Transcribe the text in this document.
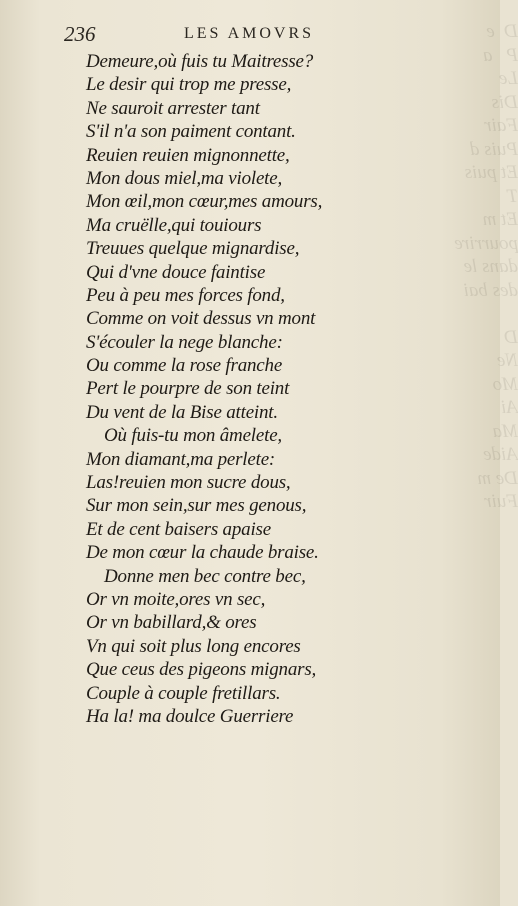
D  e
P   a
Le
Dis
Fair
Puis d
Et puis
T
Et m
pourrire
dans le
des bai

D
Ne
Mo
Ai
Ma
Aide
De m
Fuir
236	LES AMOVRS
Demeure,où fuis tu Maitresse?
Le desir qui trop me presse,
Ne sauroit arrester tant
S'il n'a son paiment contant.
Reuien reuien mignonnette,
Mon dous miel,ma violete,
Mon œil,mon cœur,mes amours,
Ma cruëlle,qui touiours
Treuues quelque mignardise,
Qui d'vne douce faintise
Peu à peu mes forces fond,
Comme on voit dessus vn mont
S'écouler la nege blanche:
Ou comme la rose franche
Pert le pourpre de son teint
Du vent de la Bise atteint.
Où fuis-tu mon âmelete,
Mon diamant,ma perlete:
Las!reuien mon sucre dous,
Sur mon sein,sur mes genous,
Et de cent baisers apaise
De mon cœur la chaude braise.
Donne men bec contre bec,
Or vn moite,ores vn sec,
Or vn babillard,& ores
Vn qui soit plus long encores
Que ceus des pigeons mignars,
Couple à couple fretillars.
Ha la! ma doulce Guerriere
